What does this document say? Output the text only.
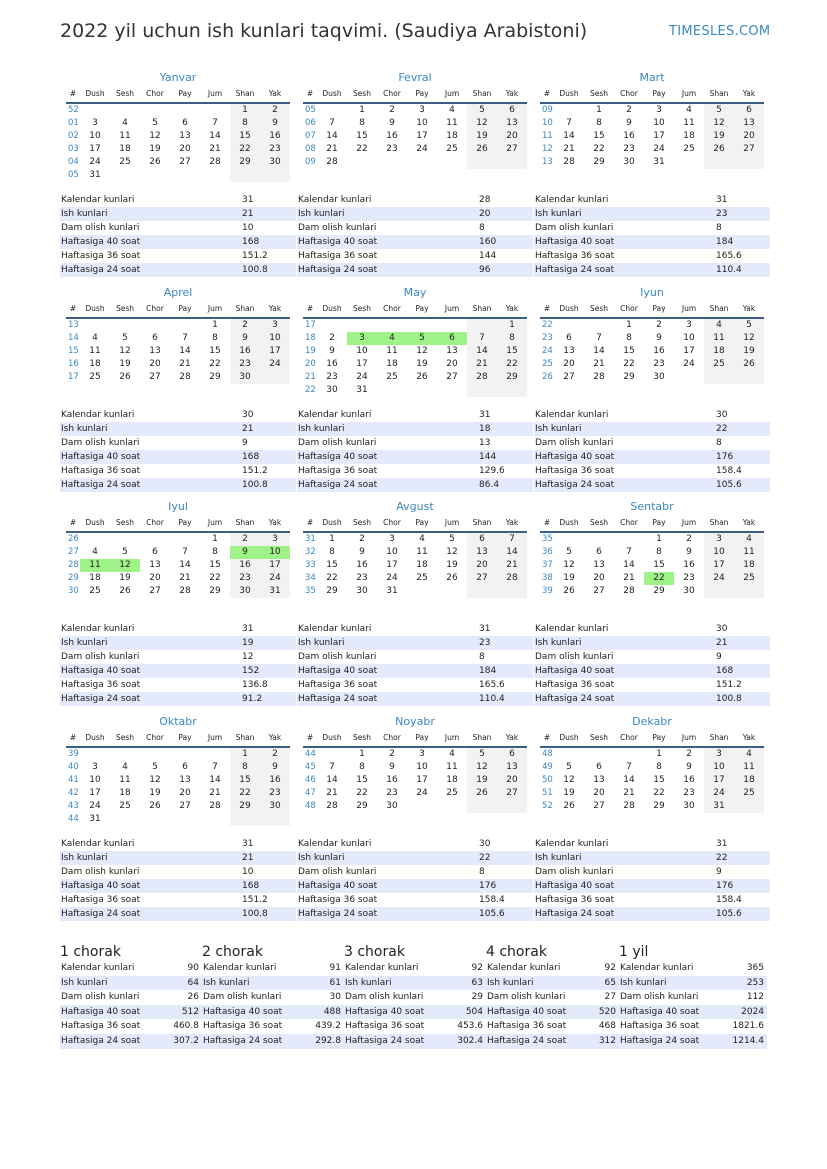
2022 yil uchun ish kunlari taqvimi. (Saudiya Arabistoni)	TIMESLES.COM
Yanvar
#	Dush	Sesh	Chor	Pay	Jum	Shan	Yak
52						1	2
01	3	4	5	6	7	8	9
02	10	11	12	13	14	15	16
03	17	18	19	20	21	22	23
04	24	25	26	27	28	29	30
05	31						
Kalendar kunlari	31
Ish kunlari	21
Dam olish kunlari	10
Haftasiga 40 soat	168
Haftasiga 36 soat	151.2
Haftasiga 24 soat	100.8
Fevral
#	Dush	Sesh	Chor	Pay	Jum	Shan	Yak
05		1	2	3	4	5	6
06	7	8	9	10	11	12	13
07	14	15	16	17	18	19	20
08	21	22	23	24	25	26	27
09	28						
Kalendar kunlari	28
Ish kunlari	20
Dam olish kunlari	8
Haftasiga 40 soat	160
Haftasiga 36 soat	144
Haftasiga 24 soat	96
Mart
#	Dush	Sesh	Chor	Pay	Jum	Shan	Yak
09		1	2	3	4	5	6
10	7	8	9	10	11	12	13
11	14	15	16	17	18	19	20
12	21	22	23	24	25	26	27
13	28	29	30	31			
Kalendar kunlari	31
Ish kunlari	23
Dam olish kunlari	8
Haftasiga 40 soat	184
Haftasiga 36 soat	165.6
Haftasiga 24 soat	110.4
Aprel
#	Dush	Sesh	Chor	Pay	Jum	Shan	Yak
13					1	2	3
14	4	5	6	7	8	9	10
15	11	12	13	14	15	16	17
16	18	19	20	21	22	23	24
17	25	26	27	28	29	30	
Kalendar kunlari	30
Ish kunlari	21
Dam olish kunlari	9
Haftasiga 40 soat	168
Haftasiga 36 soat	151.2
Haftasiga 24 soat	100.8
May
#	Dush	Sesh	Chor	Pay	Jum	Shan	Yak
17							1
18	2	3	4	5	6	7	8
19	9	10	11	12	13	14	15
20	16	17	18	19	20	21	22
21	23	24	25	26	27	28	29
22	30	31					
Kalendar kunlari	31
Ish kunlari	18
Dam olish kunlari	13
Haftasiga 40 soat	144
Haftasiga 36 soat	129.6
Haftasiga 24 soat	86.4
Iyun
#	Dush	Sesh	Chor	Pay	Jum	Shan	Yak
22			1	2	3	4	5
23	6	7	8	9	10	11	12
24	13	14	15	16	17	18	19
25	20	21	22	23	24	25	26
26	27	28	29	30			
Kalendar kunlari	30
Ish kunlari	22
Dam olish kunlari	8
Haftasiga 40 soat	176
Haftasiga 36 soat	158.4
Haftasiga 24 soat	105.6
Iyul
#	Dush	Sesh	Chor	Pay	Jum	Shan	Yak
26					1	2	3
27	4	5	6	7	8	9	10
28	11	12	13	14	15	16	17
29	18	19	20	21	22	23	24
30	25	26	27	28	29	30	31
Kalendar kunlari	31
Ish kunlari	19
Dam olish kunlari	12
Haftasiga 40 soat	152
Haftasiga 36 soat	136.8
Haftasiga 24 soat	91.2
Avgust
#	Dush	Sesh	Chor	Pay	Jum	Shan	Yak
31	1	2	3	4	5	6	7
32	8	9	10	11	12	13	14
33	15	16	17	18	19	20	21
34	22	23	24	25	26	27	28
35	29	30	31				
Kalendar kunlari	31
Ish kunlari	23
Dam olish kunlari	8
Haftasiga 40 soat	184
Haftasiga 36 soat	165.6
Haftasiga 24 soat	110.4
Sentabr
#	Dush	Sesh	Chor	Pay	Jum	Shan	Yak
35				1	2	3	4
36	5	6	7	8	9	10	11
37	12	13	14	15	16	17	18
38	19	20	21	22	23	24	25
39	26	27	28	29	30		
Kalendar kunlari	30
Ish kunlari	21
Dam olish kunlari	9
Haftasiga 40 soat	168
Haftasiga 36 soat	151.2
Haftasiga 24 soat	100.8
Oktabr
#	Dush	Sesh	Chor	Pay	Jum	Shan	Yak
39						1	2
40	3	4	5	6	7	8	9
41	10	11	12	13	14	15	16
42	17	18	19	20	21	22	23
43	24	25	26	27	28	29	30
44	31						
Kalendar kunlari	31
Ish kunlari	21
Dam olish kunlari	10
Haftasiga 40 soat	168
Haftasiga 36 soat	151.2
Haftasiga 24 soat	100.8
Noyabr
#	Dush	Sesh	Chor	Pay	Jum	Shan	Yak
44		1	2	3	4	5	6
45	7	8	9	10	11	12	13
46	14	15	16	17	18	19	20
47	21	22	23	24	25	26	27
48	28	29	30				
Kalendar kunlari	30
Ish kunlari	22
Dam olish kunlari	8
Haftasiga 40 soat	176
Haftasiga 36 soat	158.4
Haftasiga 24 soat	105.6
Dekabr
#	Dush	Sesh	Chor	Pay	Jum	Shan	Yak
48				1	2	3	4
49	5	6	7	8	9	10	11
50	12	13	14	15	16	17	18
51	19	20	21	22	23	24	25
52	26	27	28	29	30	31	
Kalendar kunlari	31
Ish kunlari	22
Dam olish kunlari	9
Haftasiga 40 soat	176
Haftasiga 36 soat	158.4
Haftasiga 24 soat	105.6
1 chorak
Kalendar kunlari	90
Ish kunlari	64
Dam olish kunlari	26
Haftasiga 40 soat	512
Haftasiga 36 soat	460.8
Haftasiga 24 soat	307.2
2 chorak
Kalendar kunlari	91
Ish kunlari	61
Dam olish kunlari	30
Haftasiga 40 soat	488
Haftasiga 36 soat	439.2
Haftasiga 24 soat	292.8
3 chorak
Kalendar kunlari	92
Ish kunlari	63
Dam olish kunlari	29
Haftasiga 40 soat	504
Haftasiga 36 soat	453.6
Haftasiga 24 soat	302.4
4 chorak
Kalendar kunlari	92
Ish kunlari	65
Dam olish kunlari	27
Haftasiga 40 soat	520
Haftasiga 36 soat	468
Haftasiga 24 soat	312
1 yil
Kalendar kunlari	365
Ish kunlari	253
Dam olish kunlari	112
Haftasiga 40 soat	2024
Haftasiga 36 soat	1821.6
Haftasiga 24 soat	1214.4
